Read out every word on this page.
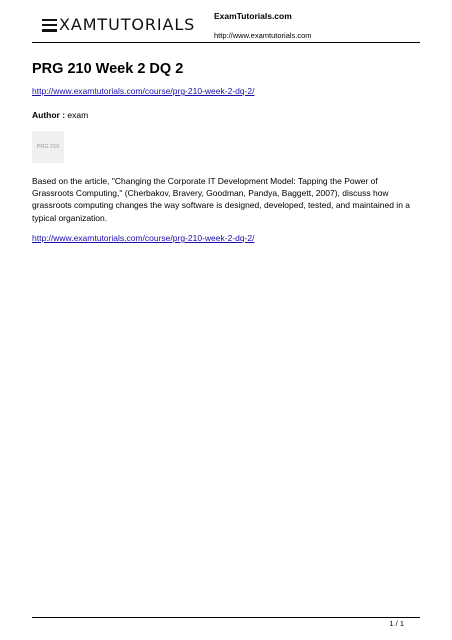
XAMTUTORIALS ExamTutorials.com
http://www.examtutorials.com
PRG 210 Week 2 DQ 2
http://www.examtutorials.com/course/prg-210-week-2-dq-2/
Author : exam
PRG 210

Based on the article, "Changing the Corporate IT Development Model: Tapping the Power of Grassroots Computing," (Cherbakov, Bravery, Goodman, Pandya, Baggett, 2007), discuss how grassroots computing changes the way software is designed, developed, tested, and maintained in a typical organization.

http://www.examtutorials.com/course/prg-210-week-2-dq-2/
1 / 1
